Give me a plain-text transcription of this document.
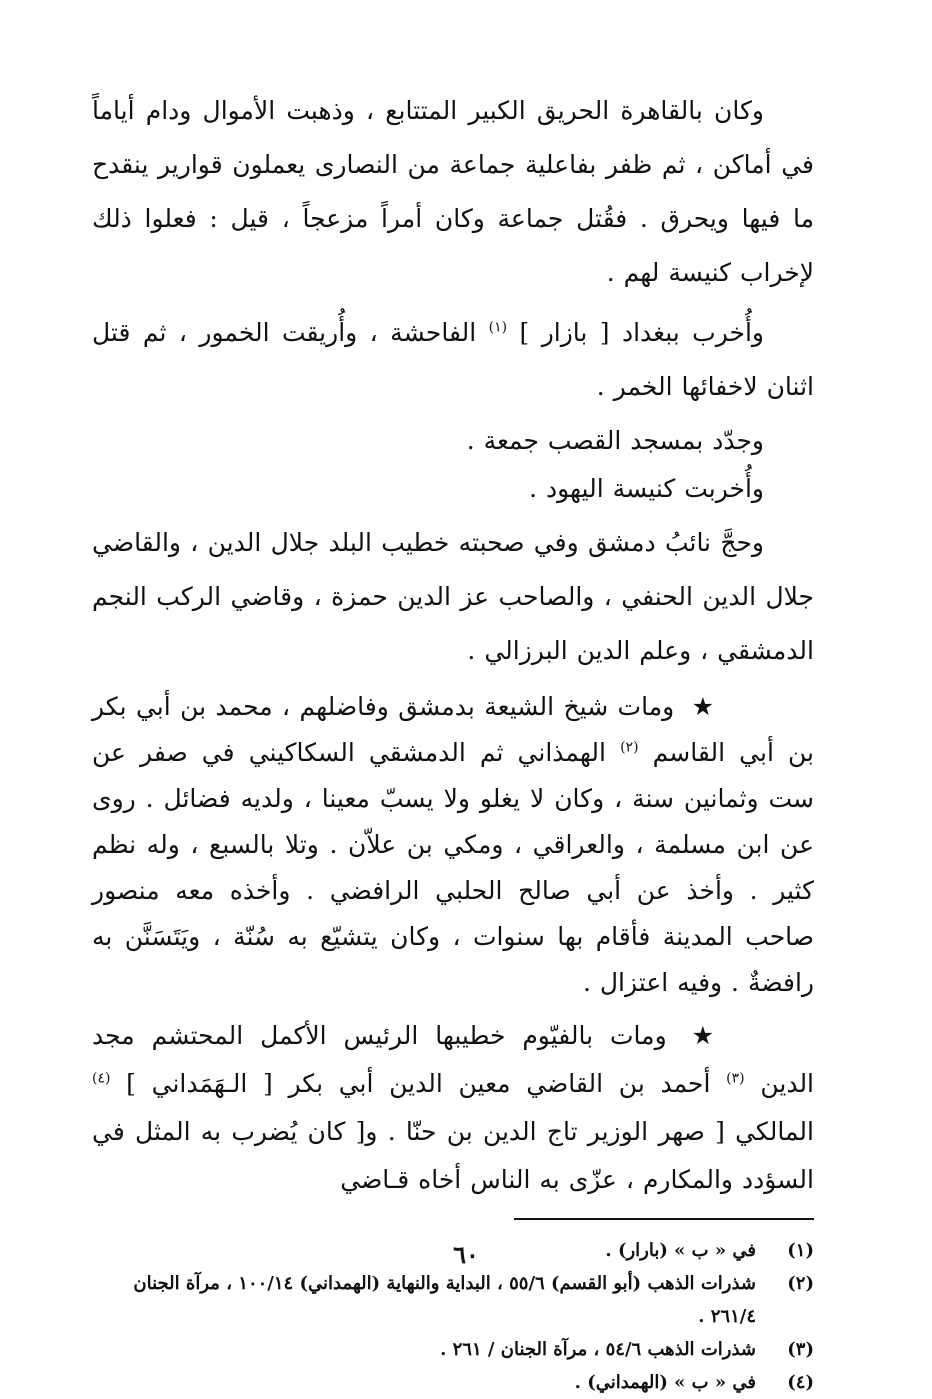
وكان بالقاهرة الحريق الكبير المتتابع ، وذهبت الأموال ودام أياماً في أماكن ، ثم ظفر بفاعلية جماعة من النصارى يعملون قوارير ينقدح ما فيها ويحرق . فقُتل جماعة وكان أمراً مزعجاً ، قيل : فعلوا ذلك لإخراب كنيسة لهم .

وأُخرب ببغداد [ بازار ] $^{(١)}$ الفاحشة ، وأُريقت الخمور ، ثم قتل اثنان لاخفائها الخمر .

وجدّد بمسجد القصب جمعة .

وأُخربت كنيسة اليهود .

وحجَّ نائبُ دمشق وفي صحبته خطيب البلد جلال الدين ، والقاضي جلال الدين الحنفي ، والصاحب عز الدين حمزة ، وقاضي الركب النجم الدمشقي ، وعلم الدين البرزالي .

★ ومات شيخ الشيعة بدمشق وفاضلهم ، محمد بن أبي بكر بن أبي القاسم $^{(٢)}$ الهمذاني ثم الدمشقي السكاكيني في صفر عن ست وثمانين سنة ، وكان لا يغلو ولا يسبّ معينا ، ولديه فضائل . روى عن ابن مسلمة ، والعراقي ، ومكي بن علاّن . وتلا بالسبع ، وله نظم كثير . وأخذ عن أبي صالح الحلبي الرافضي . وأخذه معه منصور صاحب المدينة فأقام بها سنوات ، وكان يتشيّع به سُنّة ، ويَتَسَنَّن به رافضةٌ . وفيه اعتزال .

★ ومات بالفيّوم خطيبها الرئيس الأكمل المحتشم مجد الدين $^{(٣)}$ أحمد بن القاضي معين الدين أبي بكر [ الـهَمَداني ] $^{(٤)}$ المالكي [ صهر الوزير تاج الدين بن حنّا . و[ كان يُضرب به المثل في السؤدد والمكارم ، عزّى به الناس أخاه قـاضي

(١)
في « ب » (بارار) .
(٢)
شذرات الذهب (أبو القسم) ٥٥/٦ ، البداية والنهاية (الهمداني) ١٠٠/١٤ ، مرآة الجنان ٢٦١/٤ .
(٣)
شذرات الذهب ٥٤/٦ ، مرآة الجنان / ٢٦١ .
(٤)
في « ب » (الهمداني) .
٦٠
